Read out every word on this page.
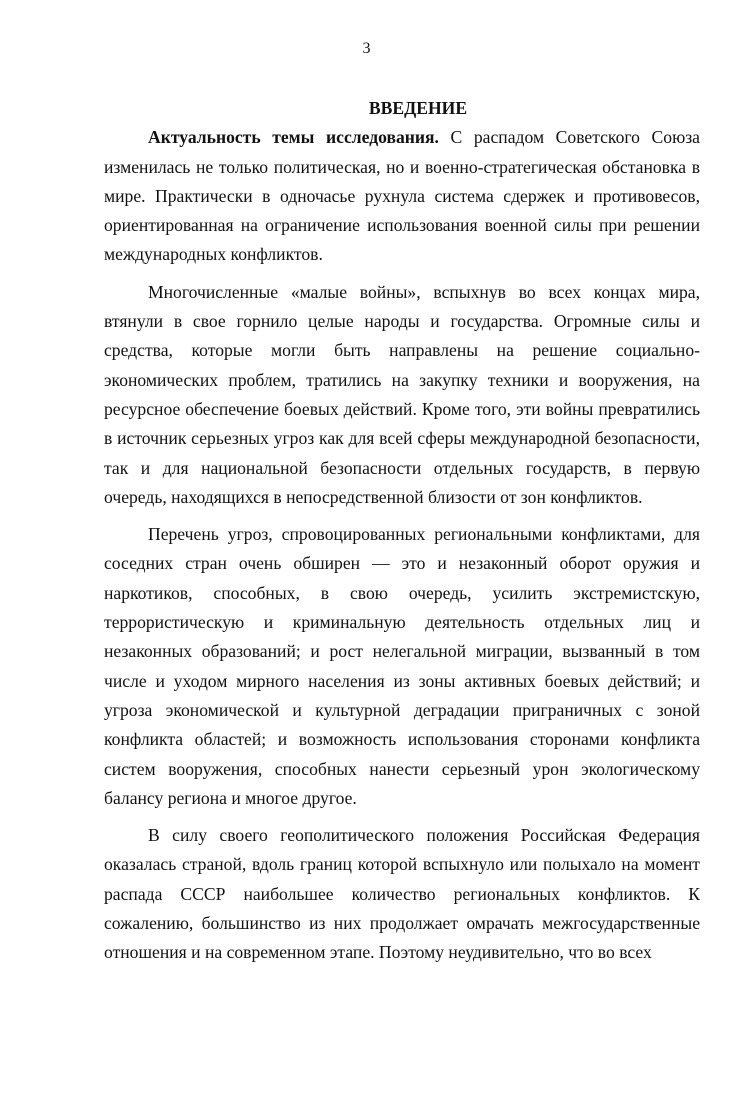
3
ВВЕДЕНИЕ

Актуальность темы исследования. С распадом Советского Союза изменилась не только политическая, но и военно-стратегическая обстановка в мире. Практически в одночасье рухнула система сдержек и противовесов, ориентированная на ограничение использования военной силы при решении международных конфликтов.

Многочисленные «малые войны», вспыхнув во всех концах мира, втянули в свое горнило целые народы и государства. Огромные силы и средства, которые могли быть направлены на решение социально-экономических проблем, тратились на закупку техники и вооружения, на ресурсное обеспечение боевых действий. Кроме того, эти войны превратились в источник серьезных угроз как для всей сферы международной безопасности, так и для национальной безопасности отдельных государств, в первую очередь, находящихся в непосредственной близости от зон конфликтов.

Перечень угроз, спровоцированных региональными конфликтами, для соседних стран очень обширен — это и незаконный оборот оружия и наркотиков, способных, в свою очередь, усилить экстремистскую, террористическую и криминальную деятельность отдельных лиц и незаконных образований; и рост нелегальной миграции, вызванный в том числе и уходом мирного населения из зоны активных боевых действий; и угроза экономической и культурной деградации приграничных с зоной конфликта областей; и возможность использования сторонами конфликта систем вооружения, способных нанести серьезный урон экологическому балансу региона и многое другое.

В силу своего геополитического положения Российская Федерация оказалась страной, вдоль границ которой вспыхнуло или полыхало на момент распада СССР наибольшее количество региональных конфликтов. К сожалению, большинство из них продолжает омрачать межгосударственные отношения и на современном этапе. Поэтому неудивительно, что во всех
